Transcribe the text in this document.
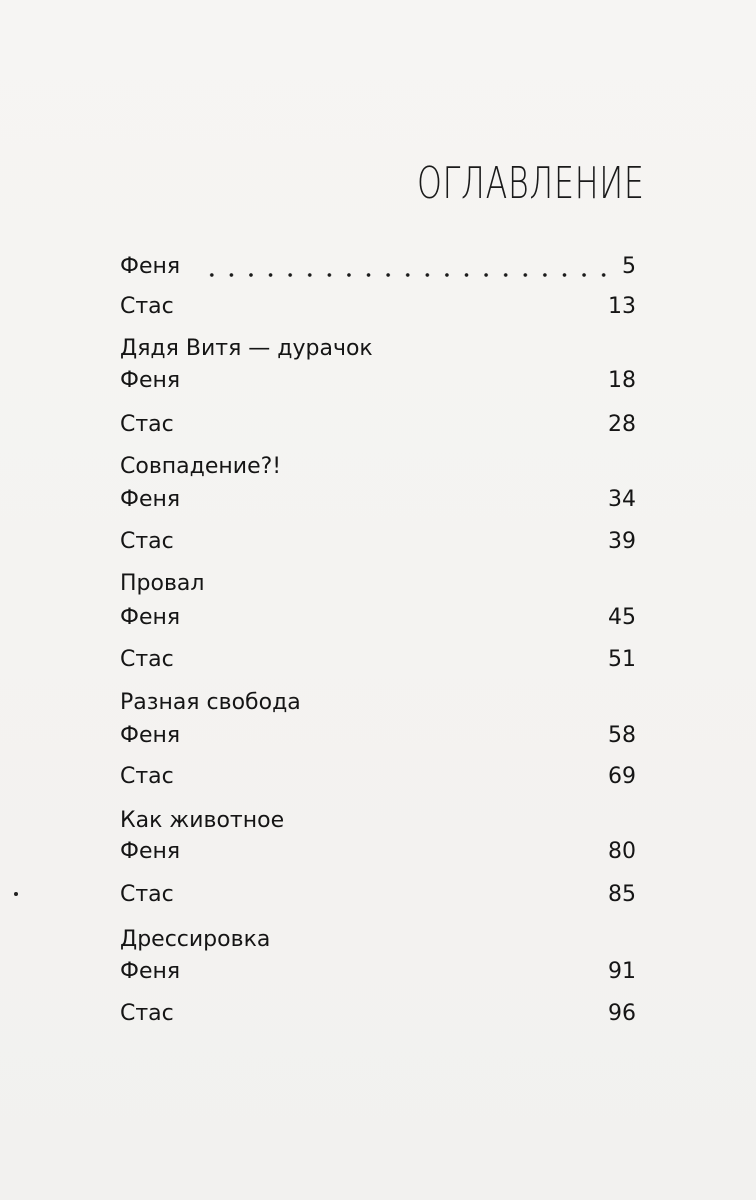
ОГЛАВЛЕНИЕ
Феня	5
Стас	13
Дядя Витя — дурачок
Феня	18
Стас	28
Совпадение?!
Феня	34
Стас	39
Провал
Феня	45
Стас	51
Разная свобода
Феня	58
Стас	69
Как животное
Феня	80
Стас	85
Дрессировка
Феня	91
Стас	96
